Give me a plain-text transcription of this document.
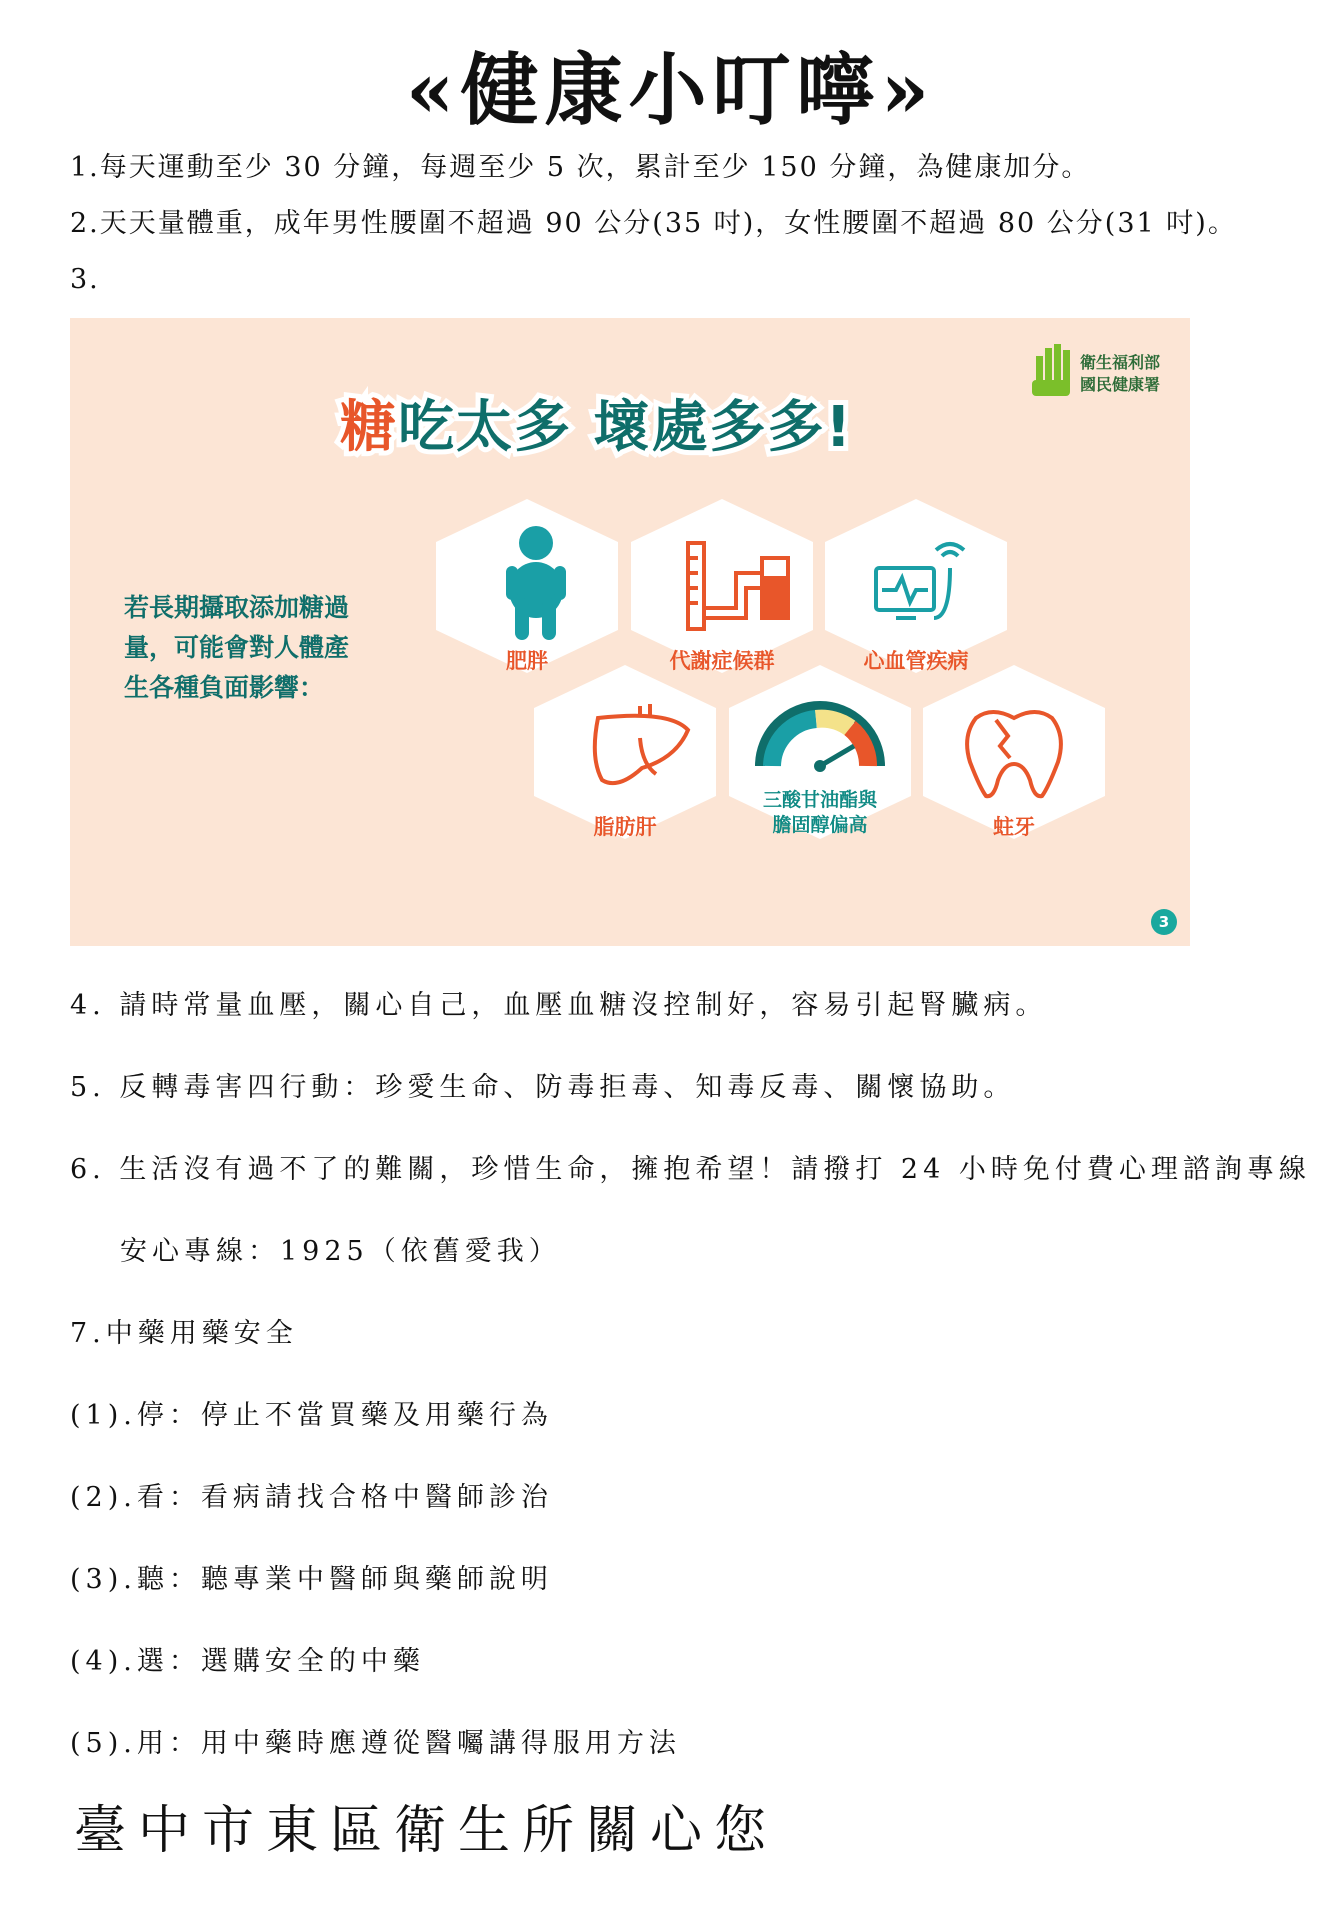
«健康小叮嚀»
1.每天運動至少 30 分鐘，每週至少 5 次，累計至少 150 分鐘，為健康加分。
2.天天量體重，成年男性腰圍不超過 90 公分(35 吋)，女性腰圍不超過 80 公分(31 吋)。
3.
衛生福利部
國民健康署
糖吃太多 壞處多多!
若長期攝取添加糖過
量，可能會對人體產
生各種負面影響：
肥胖	代謝症候群	心血管疾病
脂肪肝
三酸甘油酯與
膽固醇偏高	蛀牙
3
4. 請時常量血壓，關心自己，血壓血糖沒控制好，容易引起腎臟病。
5. 反轉毒害四行動：珍愛生命、防毒拒毒、知毒反毒、關懷協助。
6. 生活沒有過不了的難關，珍惜生命，擁抱希望！請撥打 24 小時免付費心理諮詢專線
安心專線：1925（依舊愛我）
7.中藥用藥安全
(1).停：停止不當買藥及用藥行為
(2).看：看病請找合格中醫師診治
(3).聽：聽專業中醫師與藥師說明
(4).選：選購安全的中藥
(5).用：用中藥時應遵從醫囑講得服用方法
臺中市東區衛生所關心您
